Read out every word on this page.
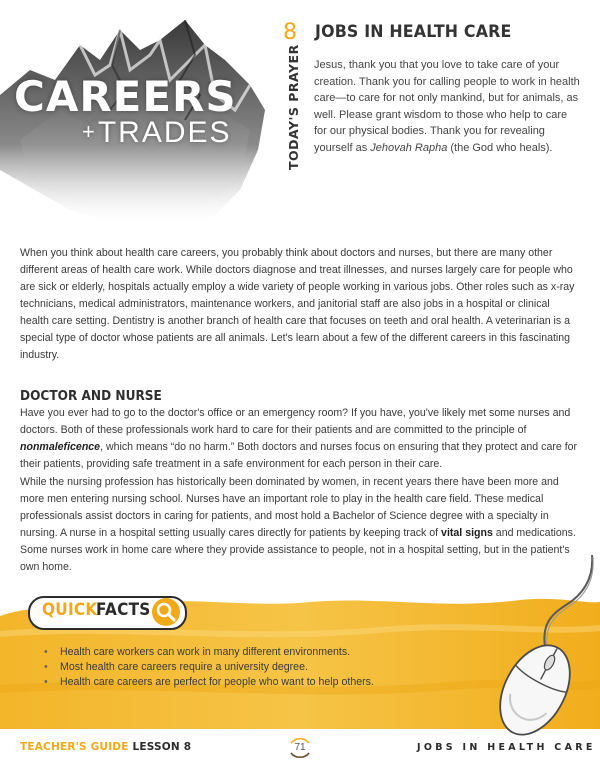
CAREERS
+TRADES
8 JOBS IN HEALTH CARE
TODAY'S PRAYER Jesus, thank you that you love to take care of your creation. Thank you for calling people to work in health care—to care for not only mankind, but for animals, as well. Please grant wisdom to those who help to care for our physical bodies. Thank you for revealing yourself as Jehovah Rapha (the God who heals).
When you think about health care careers, you probably think about doctors and nurses, but there are many other different areas of health care work. While doctors diagnose and treat illnesses, and nurses largely care for people who are sick or elderly, hospitals actually employ a wide variety of people working in various jobs. Other roles such as x-ray technicians, medical administrators, maintenance workers, and janitorial staff are also jobs in a hospital or clinical health care setting. Dentistry is another branch of health care that focuses on teeth and oral health. A veterinarian is a special type of doctor whose patients are all animals. Let's learn about a few of the different careers in this fascinating industry.
DOCTOR AND NURSE
Have you ever had to go to the doctor's office or an emergency room? If you have, you've likely met some nurses and doctors. Both of these professionals work hard to care for their patients and are committed to the principle of nonmaleficence, which means “do no harm.” Both doctors and nurses focus on ensuring that they protect and care for their patients, providing safe treatment in a safe environment for each person in their care.
While the nursing profession has historically been dominated by women, in recent years there have been more and more men entering nursing school. Nurses have an important role to play in the health care field. These medical professionals assist doctors in caring for patients, and most hold a Bachelor of Science degree with a specialty in nursing. A nurse in a hospital setting usually cares directly for patients by keeping track of vital signs and medications. Some nurses work in home care where they provide assistance to people, not in a hospital setting, but in the patient's own home.
QUICK
FACTS
• Health care workers can work in many different environments.
• Most health care careers require a university degree.
• Health care careers are perfect for people who want to help others.
TEACHER'S GUIDE LESSON 8	71	JOBS IN HEALTH CARE
